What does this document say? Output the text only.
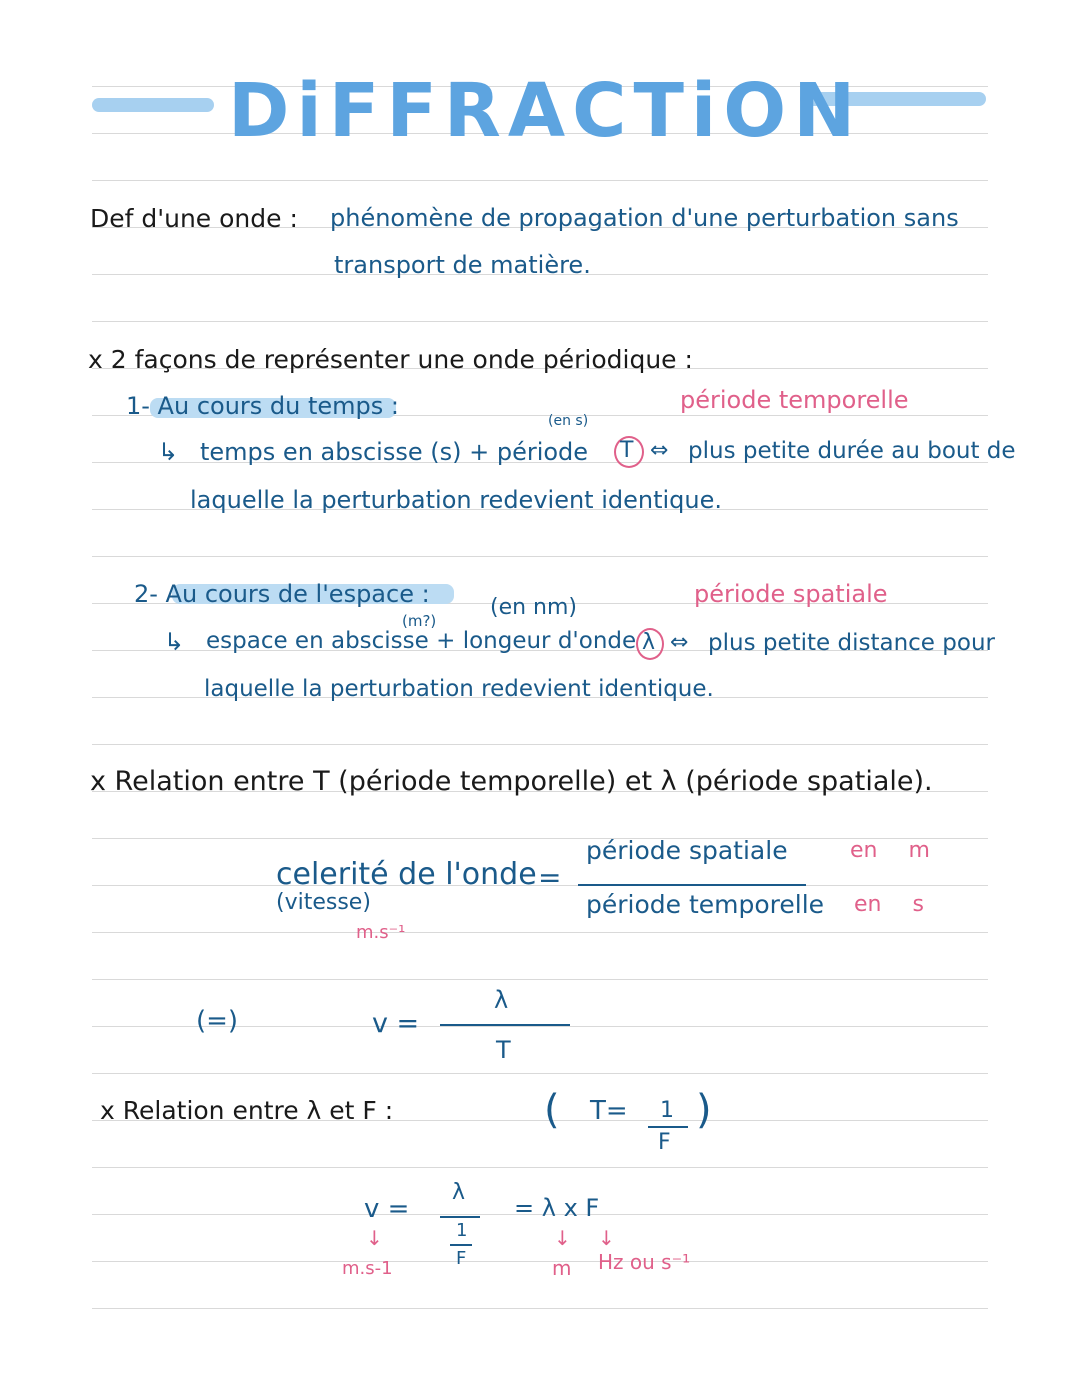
DiFFRACTiON
Def d'une onde : phénomène de propagation d'une perturbation sans
transport de matière.
x 2 façons de représenter une onde périodique :
1- Au cours du temps :	période temporelle
(en s)
↳ temps en abscisse (s) + période T ⇔ plus petite durée au bout de
laquelle la perturbation redevient identique.
2- Au cours de l'espace :	(en nm)	période spatiale
(m?)
↳ espace en abscisse + longeur d'onde λ ⇔ plus petite distance pour
laquelle la perturbation redevient identique.
x Relation entre T (période temporelle) et λ (période spatiale).
celerité de l'onde
(vitesse)
m.s⁻¹
=
période spatiale
période temporelle
en m
en s
(=)	v =
λ
T
x Relation entre λ et F :	( T= 1
F
)
v =
λ
1
F
= λ x F
↓	↓ ↓
m.s-1	m Hz ou s⁻¹
